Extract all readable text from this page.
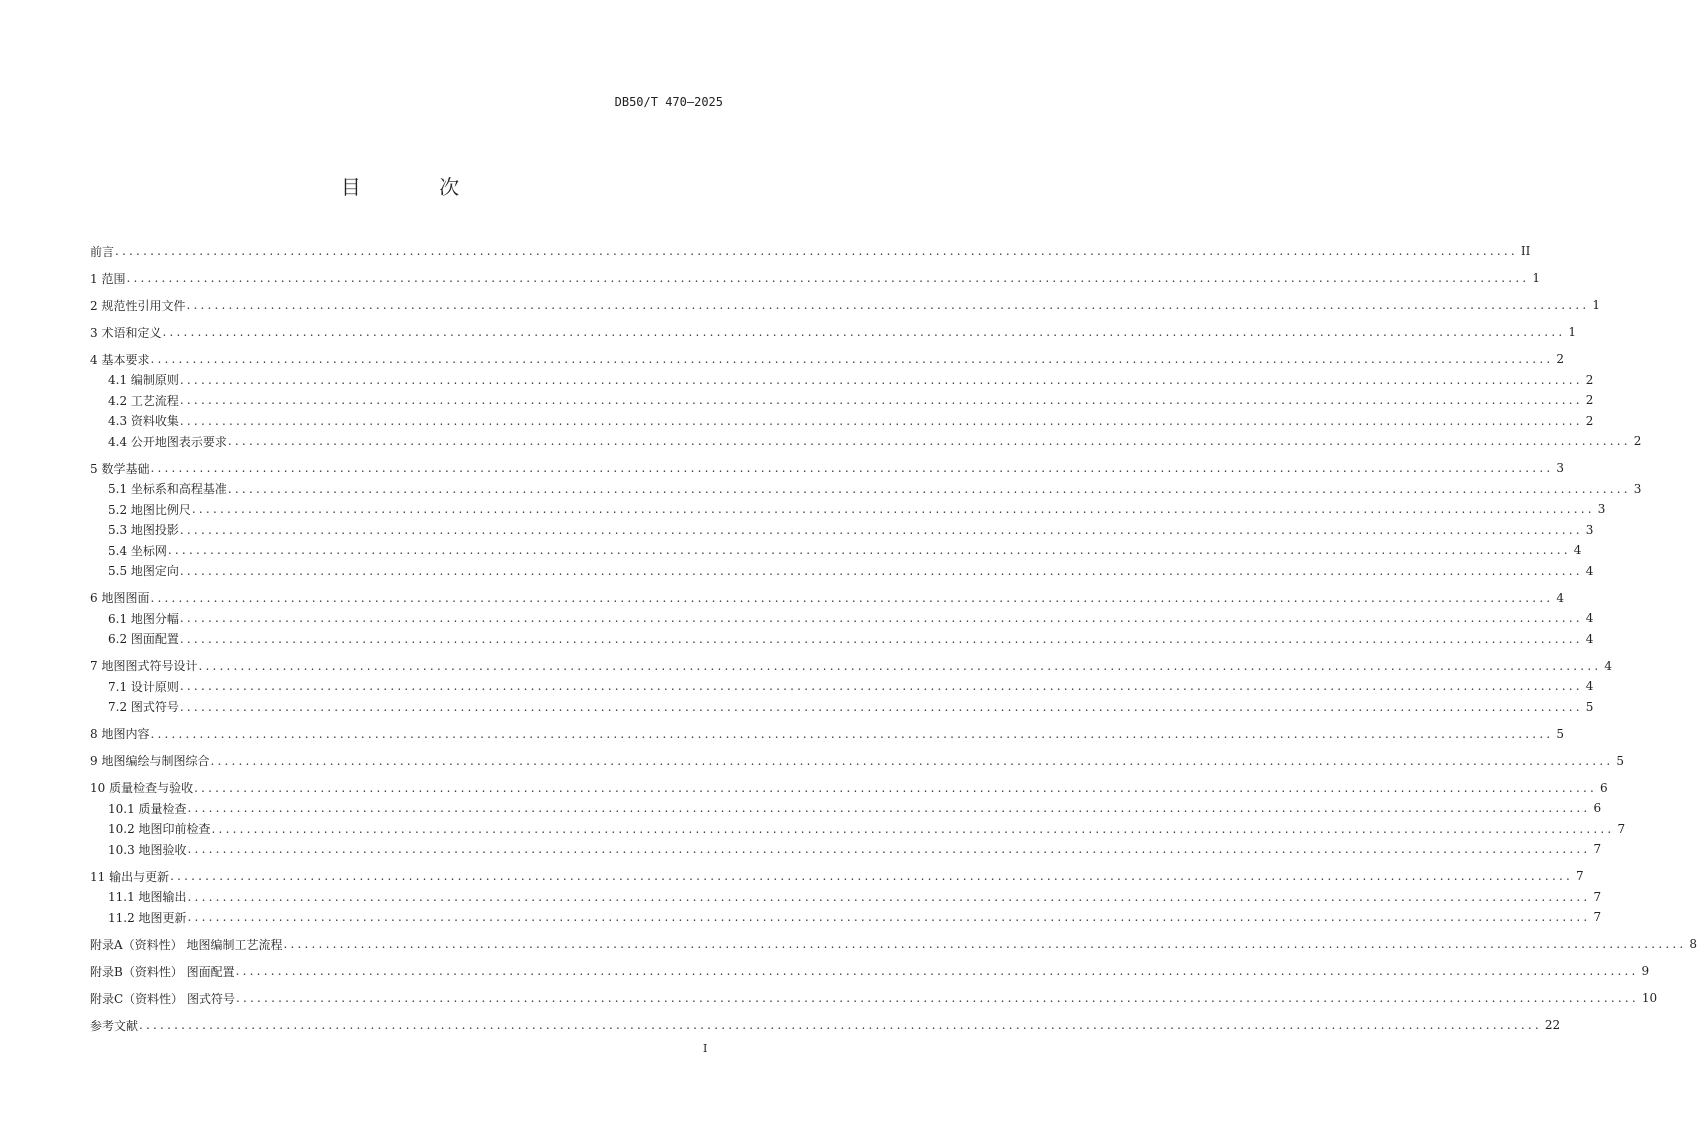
DB50/T 470—2025
目 次
前言 ........................................................................................................................................................................................................ II
1 范围 ........................................................................................................................................................................................................ 1
2 规范性引用文件 ........................................................................................................................................................................................................ 1
3 术语和定义 ........................................................................................................................................................................................................ 1
4 基本要求 ........................................................................................................................................................................................................ 2
4.1 编制原则 ........................................................................................................................................................................................................ 2
4.2 工艺流程 ........................................................................................................................................................................................................ 2
4.3 资料收集 ........................................................................................................................................................................................................ 2
4.4 公开地图表示要求 ........................................................................................................................................................................................................ 2
5 数学基础 ........................................................................................................................................................................................................ 3
5.1 坐标系和高程基准 ........................................................................................................................................................................................................ 3
5.2 地图比例尺 ........................................................................................................................................................................................................ 3
5.3 地图投影 ........................................................................................................................................................................................................ 3
5.4 坐标网 ........................................................................................................................................................................................................ 4
5.5 地图定向 ........................................................................................................................................................................................................ 4
6 地图图面 ........................................................................................................................................................................................................ 4
6.1 地图分幅 ........................................................................................................................................................................................................ 4
6.2 图面配置 ........................................................................................................................................................................................................ 4
7 地图图式符号设计 ........................................................................................................................................................................................................ 4
7.1 设计原则 ........................................................................................................................................................................................................ 4
7.2 图式符号 ........................................................................................................................................................................................................ 5
8 地图内容 ........................................................................................................................................................................................................ 5
9 地图编绘与制图综合 ........................................................................................................................................................................................................ 5
10 质量检查与验收 ........................................................................................................................................................................................................ 6
10.1 质量检查 ........................................................................................................................................................................................................ 6
10.2 地图印前检查 ........................................................................................................................................................................................................ 7
10.3 地图验收 ........................................................................................................................................................................................................ 7
11 输出与更新 ........................................................................................................................................................................................................ 7
11.1 地图输出 ........................................................................................................................................................................................................ 7
11.2 地图更新 ........................................................................................................................................................................................................ 7
附录A（资料性） 地图编制工艺流程 ........................................................................................................................................................................................................ 8
附录B（资料性） 图面配置 ........................................................................................................................................................................................................ 9
附录C（资料性） 图式符号 ........................................................................................................................................................................................................ 10
参考文献 ........................................................................................................................................................................................................ 22
I
